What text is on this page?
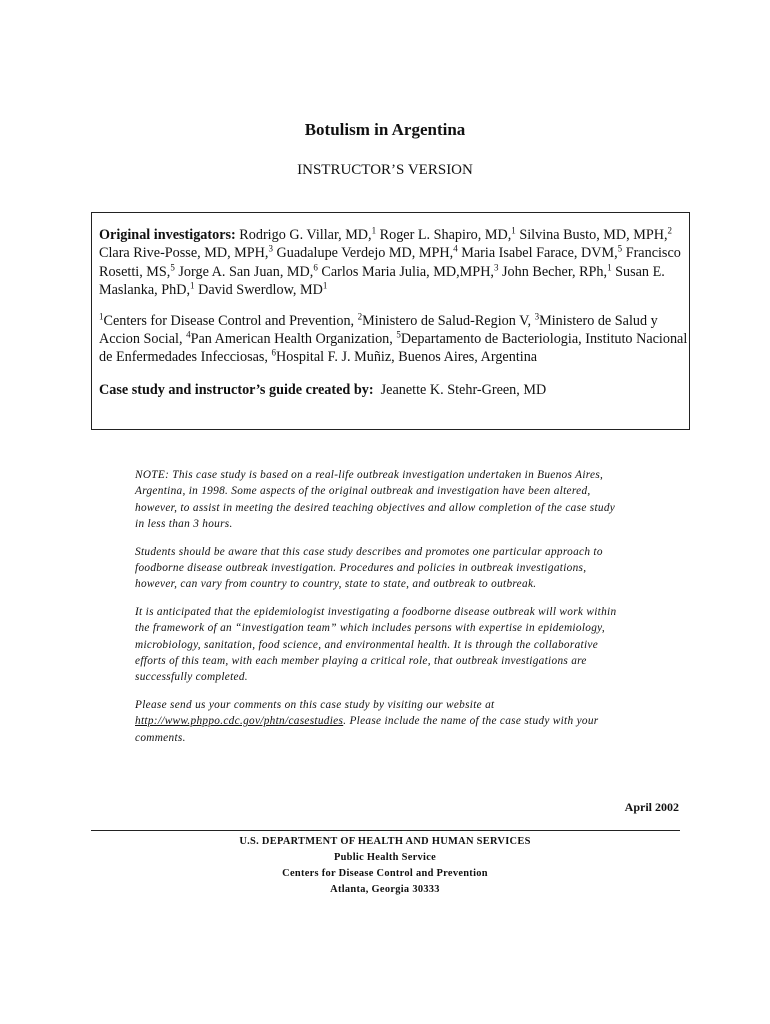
Botulism in Argentina
INSTRUCTOR’S VERSION

Original investigators: Rodrigo G. Villar, MD,$^1$ Roger L. Shapiro, MD,$^1$ Silvina Busto, MD, MPH,$^2$ Clara Rive-Posse, MD, MPH,$^3$ Guadalupe Verdejo MD, MPH,$^4$ Maria Isabel Farace, DVM,$^5$ Francisco Rosetti, MS,$^5$ Jorge A. San Juan, MD,$^6$ Carlos Maria Julia, MD,MPH,$^3$ John Becher, RPh,$^1$ Susan E. Maslanka, PhD,$^1$ David Swerdlow, $MD^1$

$^1$Centers for Disease Control and Prevention, $^2$Ministero de Salud-Region V, $^3$Ministero de Salud y Accion Social, $^4$Pan American Health Organization, $^5$Departamento de Bacteriologia, Instituto Nacional de Enfermedades Infecciosas, $^6$Hospital F. J. Muñiz, Buenos Aires, Argentina

Case study and instructor’s guide created by:  Jeanette K. Stehr-Green, MD

NOTE: This case study is based on a real-life outbreak investigation undertaken in Buenos Aires, Argentina, in 1998. Some aspects of the original outbreak and investigation have been altered, however, to assist in meeting the desired teaching objectives and allow completion of the case study in less than 3 hours.

Students should be aware that this case study describes and promotes one particular approach to foodborne disease outbreak investigation. Procedures and policies in outbreak investigations, however, can vary from country to country, state to state, and outbreak to outbreak.

It is anticipated that the epidemiologist investigating a foodborne disease outbreak will work within the framework of an “investigation team” which includes persons with expertise in epidemiology, microbiology, sanitation, food science, and environmental health. It is through the collaborative efforts of this team, with each member playing a critical role, that outbreak investigations are successfully completed.

Please send us your comments on this case study by visiting our website at http://www.phppo.cdc.gov/phtn/casestudies. Please include the name of the case study with your comments.

April 2002
U.S. DEPARTMENT OF HEALTH AND HUMAN SERVICES
Public Health Service
Centers for Disease Control and Prevention
Atlanta, Georgia 30333
